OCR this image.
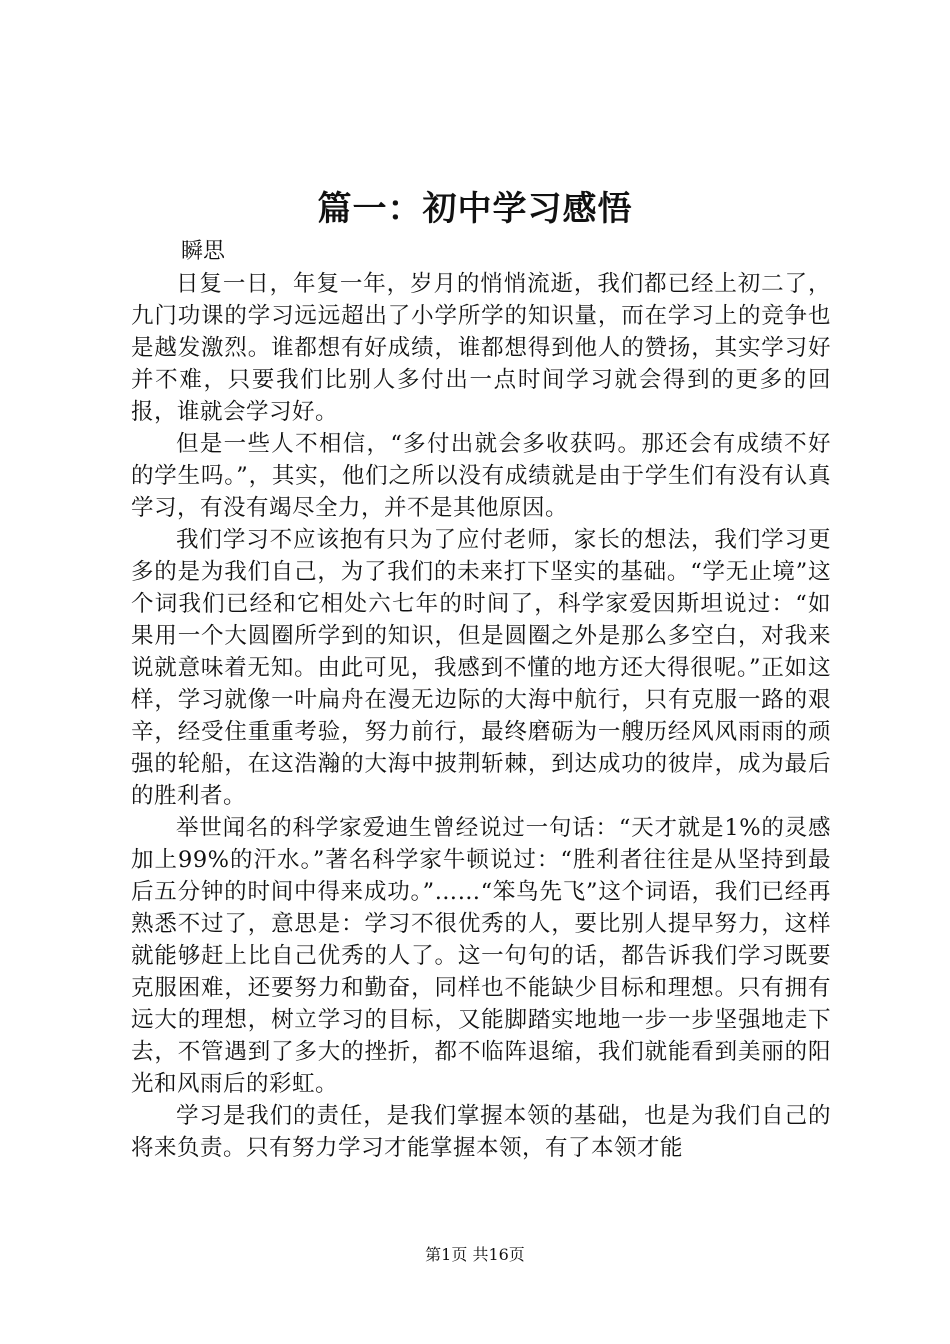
篇一：初中学习感悟
瞬思

日复一日，年复一年，岁月的悄悄流逝，我们都已经上初二了，九门功课的学习远远超出了小学所学的知识量，而在学习上的竞争也是越发激烈。谁都想有好成绩，谁都想得到他人的赞扬，其实学习好并不难，只要我们比别人多付出一点时间学习就会得到的更多的回报，谁就会学习好。

但是一些人不相信，“多付出就会多收获吗。那还会有成绩不好的学生吗。”，其实，他们之所以没有成绩就是由于学生们有没有认真学习，有没有竭尽全力，并不是其他原因。

我们学习不应该抱有只为了应付老师，家长的想法，我们学习更多的是为我们自己，为了我们的未来打下坚实的基础。“学无止境”这个词我们已经和它相处六七年的时间了，科学家爱因斯坦说过：“如果用一个大圆圈所学到的知识，但是圆圈之外是那么多空白，对我来说就意味着无知。由此可见，我感到不懂的地方还大得很呢。”正如这样，学习就像一叶扁舟在漫无边际的大海中航行，只有克服一路的艰辛，经受住重重考验，努力前行，最终磨砺为一艘历经风风雨雨的顽强的轮船，在这浩瀚的大海中披荆斩棘，到达成功的彼岸，成为最后的胜利者。

举世闻名的科学家爱迪生曾经说过一句话：“天才就是1%的灵感加上99%的汗水。”著名科学家牛顿说过：“胜利者往往是从坚持到最后五分钟的时间中得来成功。”……“笨鸟先飞”这个词语，我们已经再熟悉不过了，意思是：学习不很优秀的人，要比别人提早努力，这样就能够赶上比自己优秀的人了。这一句句的话，都告诉我们学习既要克服困难，还要努力和勤奋，同样也不能缺少目标和理想。只有拥有远大的理想，树立学习的目标，又能脚踏实地地一步一步坚强地走下去，不管遇到了多大的挫折，都不临阵退缩，我们就能看到美丽的阳光和风雨后的彩虹。

学习是我们的责任，是我们掌握本领的基础，也是为我们自己的将来负责。只有努力学习才能掌握本领，有了本领才能

第1页 共16页
